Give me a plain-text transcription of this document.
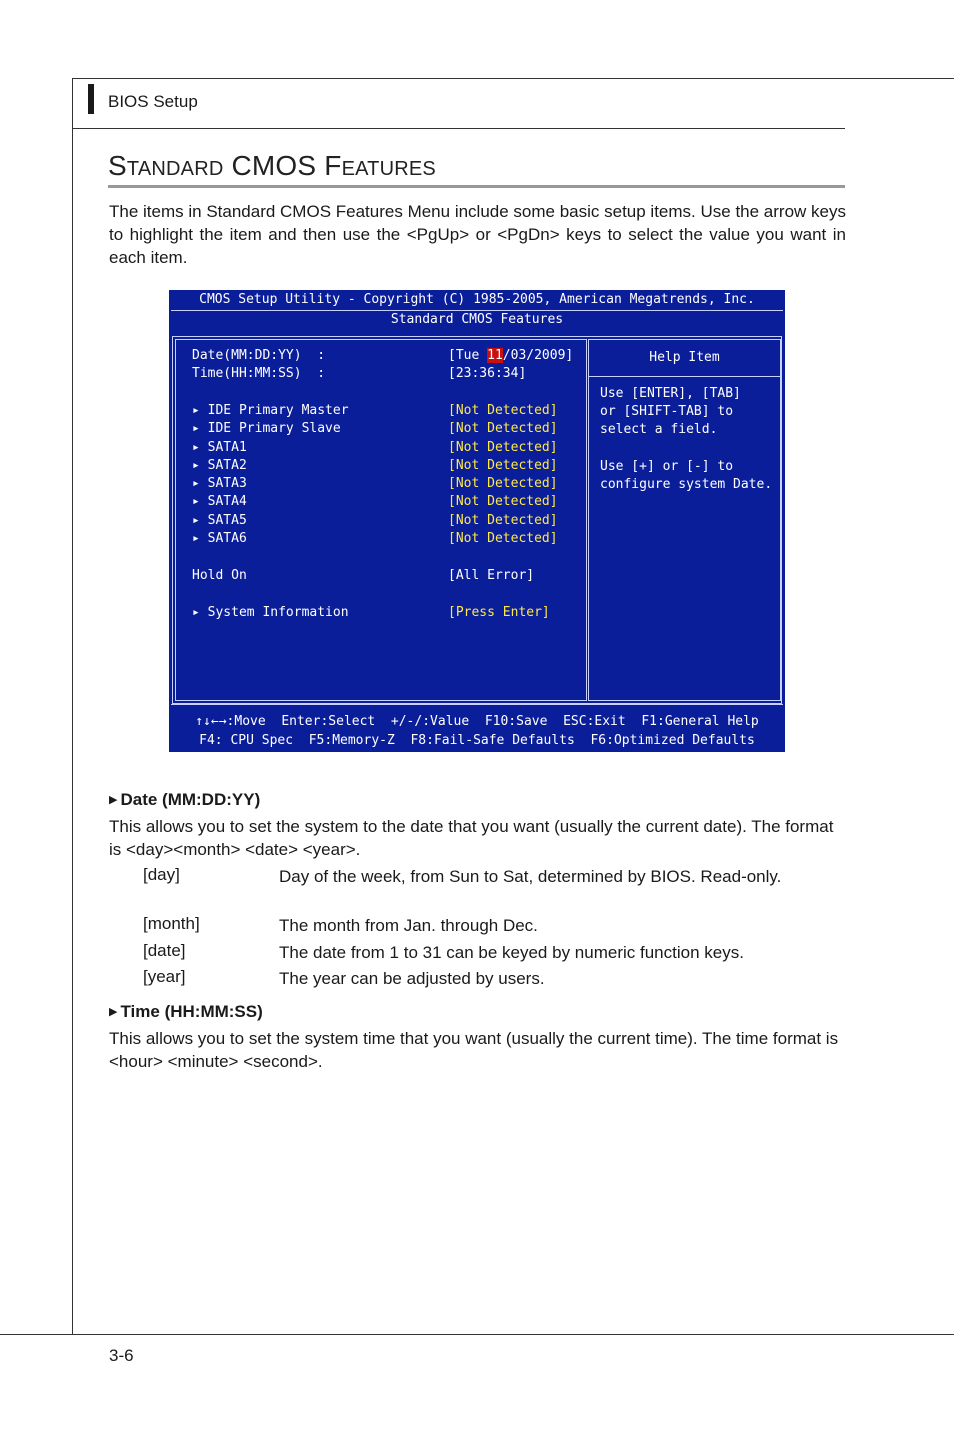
BIOS Setup
STANDARD CMOS FEATURES
The items in Standard CMOS Features Menu include some basic setup items. Use the arrow keys to highlight the item and then use the <PgUp> or <PgDn> keys to select the value you want in each item.
CMOS Setup Utility - Copyright (C) 1985-2005, American Megatrends, Inc.
Standard CMOS Features
Help Item
Use [ENTER], [TAB]
or [SHIFT-TAB] to
select a field.
Use [+] or [-] to
configure system Date.
Date(MM:DD:YY)  :	[Tue 11/03/2009]
Time(HH:MM:SS)  :	[23:36:34]
▸ IDE Primary Master	[Not Detected]
▸ IDE Primary Slave	[Not Detected]
▸ SATA1	[Not Detected]
▸ SATA2	[Not Detected]
▸ SATA3	[Not Detected]
▸ SATA4	[Not Detected]
▸ SATA5	[Not Detected]
▸ SATA6	[Not Detected]
Hold On	[All Error]
▸ System Information	[Press Enter]
↑↓←→:Move  Enter:Select  +/-/:Value  F10:Save  ESC:Exit  F1:General Help
F4: CPU Spec  F5:Memory-Z  F8:Fail-Safe Defaults  F6:Optimized Defaults
▶ Date (MM:DD:YY)
This allows you to set the system to the date that you want (usually the current date). The format is <day><month> <date> <year>.
[day]	Day of the week, from Sun to Sat, determined by BIOS. Read-only.
[month]	The month from Jan. through Dec.
[date]	The date from 1 to 31 can be keyed by numeric function keys.
[year]	The year can be adjusted by users.
▶ Time (HH:MM:SS)
This allows you to set the system time that you want (usually the current time). The time format is <hour> <minute> <second>.
3-6
